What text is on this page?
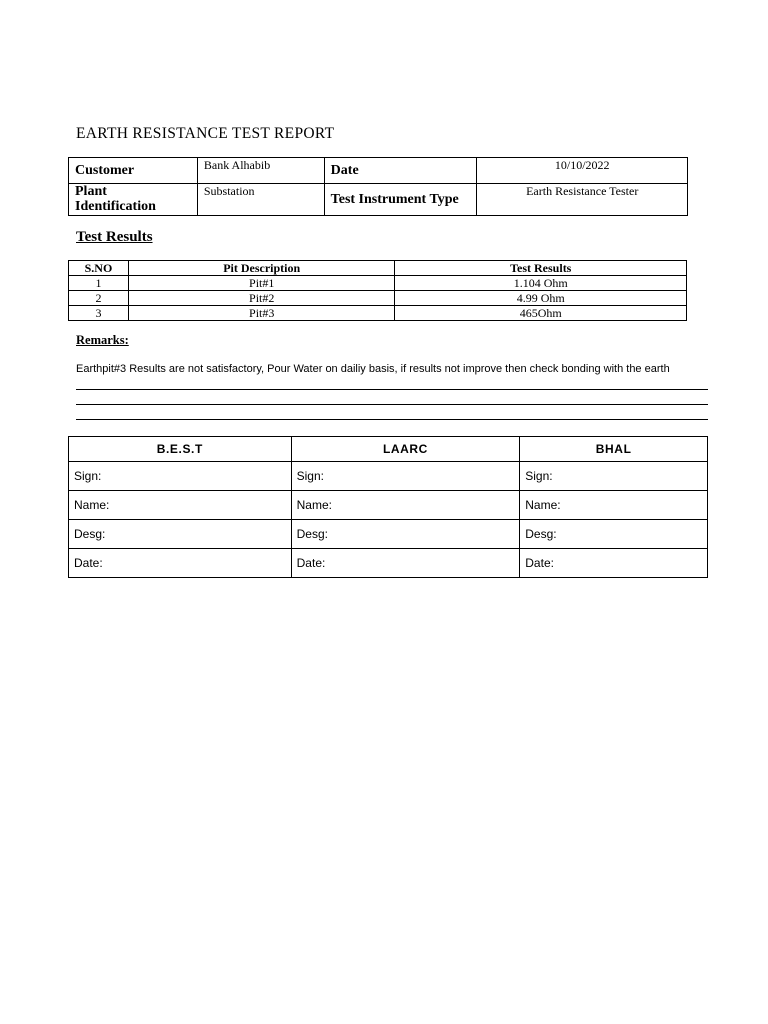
EARTH RESISTANCE TEST REPORT
Customer	Bank Alhabib	Date	10/10/2022
Plant
Identification	Substation	Test Instrument Type	Earth Resistance Tester
Test Results
S.NO	Pit Description	Test Results
1	Pit#1	1.104 Ohm
2	Pit#2	4.99 Ohm
3	Pit#3	465Ohm
Remarks:
Earthpit#3 Results are not satisfactory, Pour Water on dailiy basis, if results not improve then check bonding with the earth
B.E.S.T	LAARC	BHAL
Sign:	Sign:	Sign:
Name:	Name:	Name:
Desg:	Desg:	Desg:
Date:	Date:	Date:
